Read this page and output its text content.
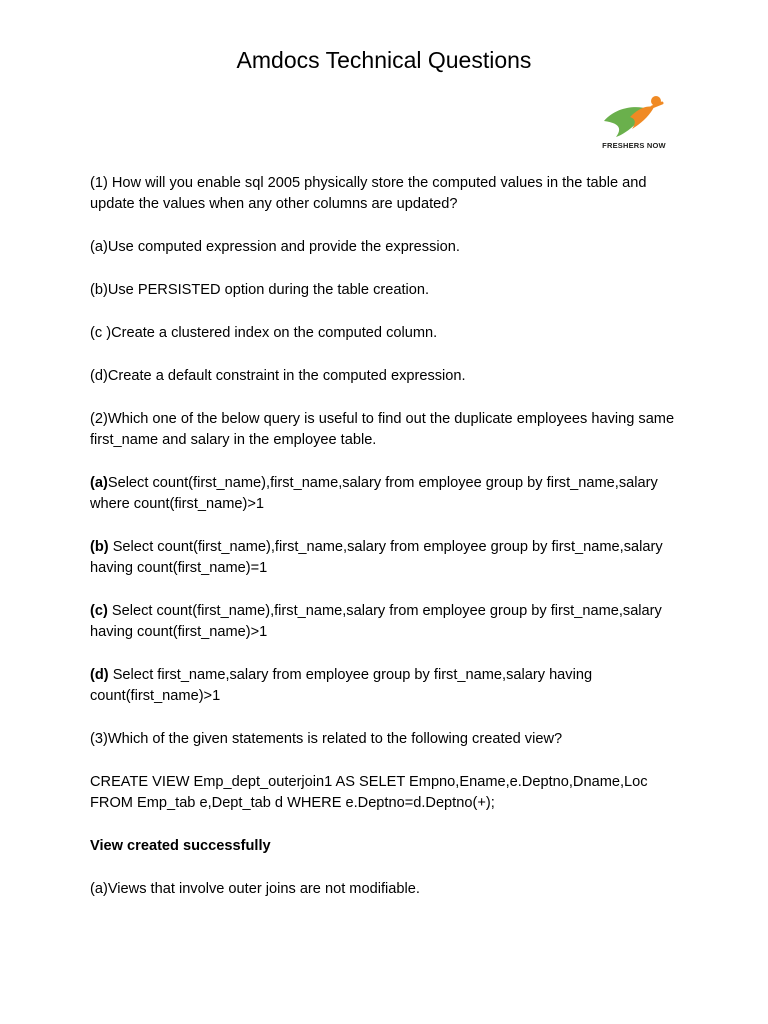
Amdocs Technical Questions
FRESHERS NOW

(1) How will you enable sql 2005 physically store the computed values in the table and update the values when any other columns are updated?

(a)Use computed expression and provide the expression.

(b)Use PERSISTED option during the table creation.

(c )Create a clustered index on the computed column.

(d)Create a default constraint in the computed expression.

(2)Which one of the below query is useful to find out the duplicate employees having same first_name and salary in the employee table.

(a)Select count(first_name),first_name,salary from employee group by first_name,salary where count(first_name)>1

(b) Select count(first_name),first_name,salary from employee group by first_name,salary having count(first_name)=1

(c) Select count(first_name),first_name,salary from employee group by first_name,salary having count(first_name)>1

(d) Select first_name,salary from employee group by first_name,salary having count(first_name)>1

(3)Which of the given statements is related to the following created view?

CREATE VIEW Emp_dept_outerjoin1 AS SELET Empno,Ename,e.Deptno,Dname,Loc FROM Emp_tab e,Dept_tab d WHERE e.Deptno=d.Deptno(+);

View created successfully

(a)Views that involve outer joins are not modifiable.
